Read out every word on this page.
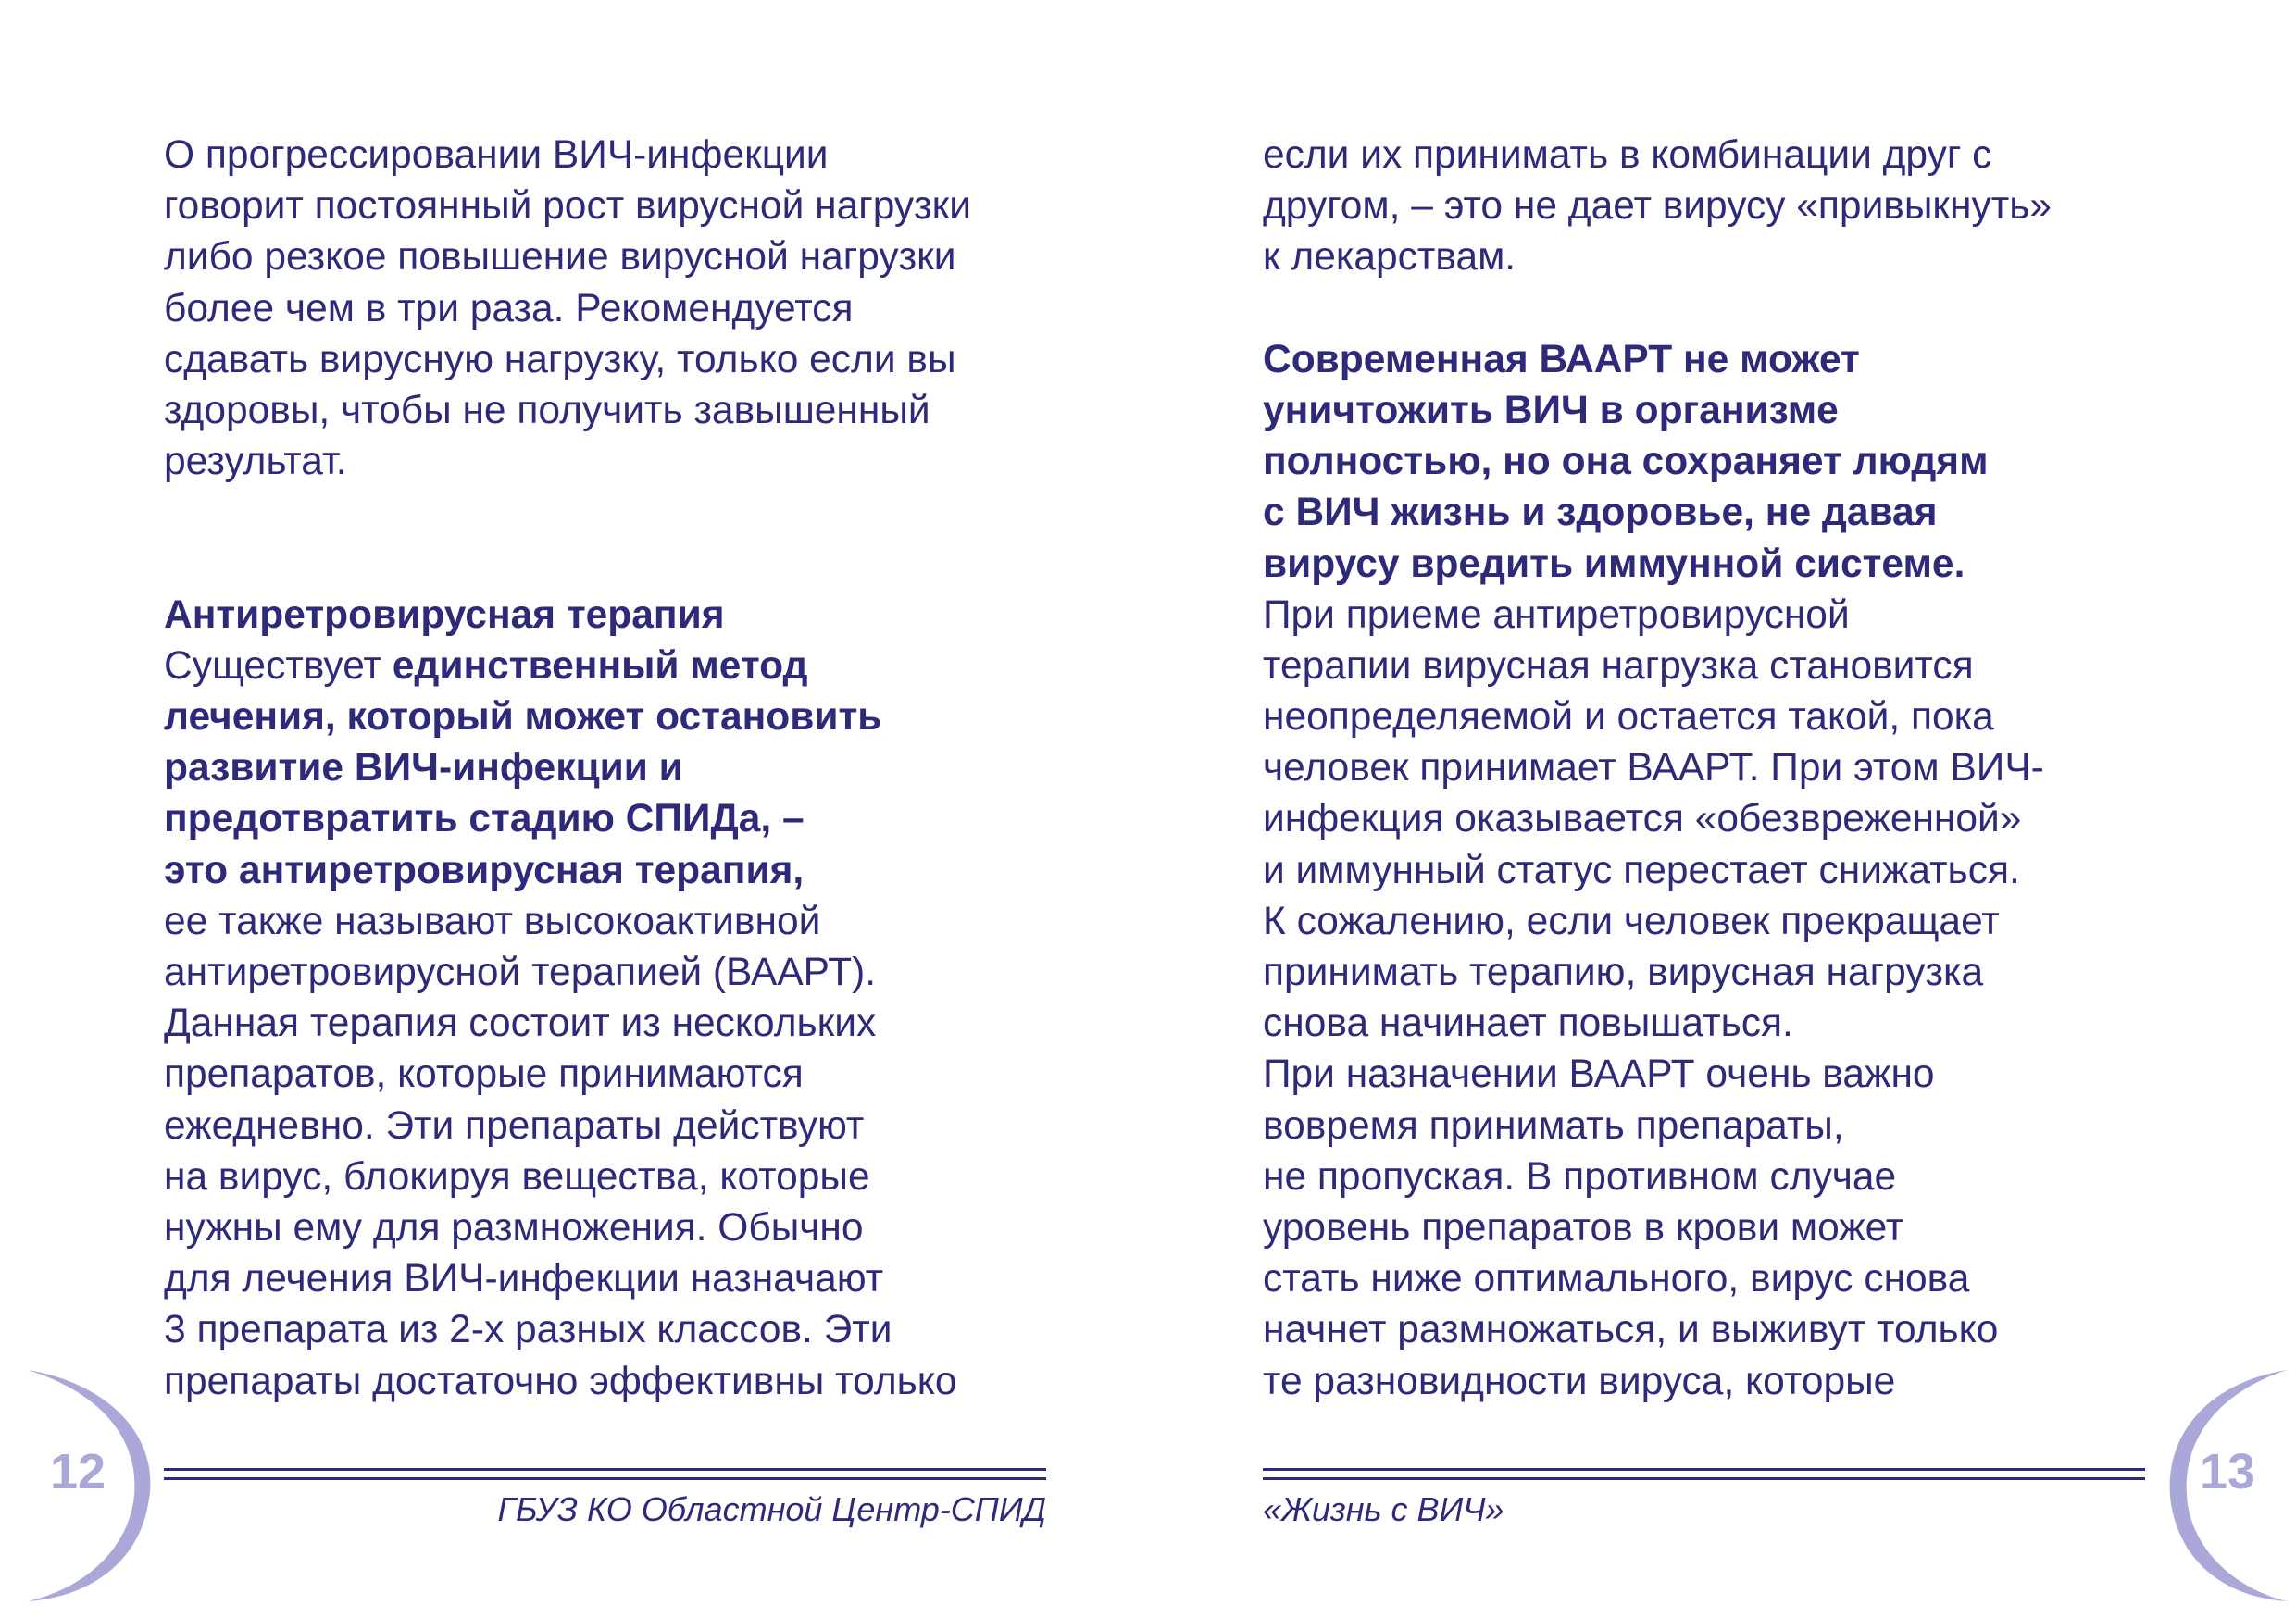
О прогрессировании ВИЧ-инфекции
говорит постоянный рост вирусной нагрузки
либо резкое повышение вирусной нагрузки
более чем в три раза. Рекомендуется
сдавать вирусную нагрузку, только если вы
здоровы, чтобы не получить завышенный
результат.
Антиретровирусная терапия
Существует единственный метод
лечения, который может остановить
развитие ВИЧ-инфекции и
предотвратить стадию СПИДа, –
это антиретровирусная терапия,
ее также называют высокоактивной
антиретровирусной терапией (ВААРТ).
Данная терапия состоит из нескольких
препаратов, которые принимаются
ежедневно. Эти препараты действуют
на вирус, блокируя вещества, которые
нужны ему для размножения. Обычно
для лечения ВИЧ-инфекции назначают
3 препарата из 2-х разных классов. Эти
препараты достаточно эффективны только
12
ГБУЗ КО Областной Центр-СПИД
если их принимать в комбинации друг с
другом, – это не дает вирусу «привыкнуть»
к лекарствам.
Современная ВААРТ не может
уничтожить ВИЧ в организме
полностью, но она сохраняет людям
с ВИЧ жизнь и здоровье, не давая
вирусу вредить иммунной системе.
При приеме антиретровирусной
терапии вирусная нагрузка становится
неопределяемой и остается такой, пока
человек принимает ВААРТ. При этом ВИЧ-
инфекция оказывается «обезвреженной»
и иммунный статус перестает снижаться.
К сожалению, если человек прекращает
принимать терапию, вирусная нагрузка
снова начинает повышаться.
При назначении ВААРТ очень важно
вовремя принимать препараты,
не пропуская. В противном случае
уровень препаратов в крови может
стать ниже оптимального, вирус снова
начнет размножаться, и выживут только
те разновидности вируса, которые
13
«Жизнь с ВИЧ»
